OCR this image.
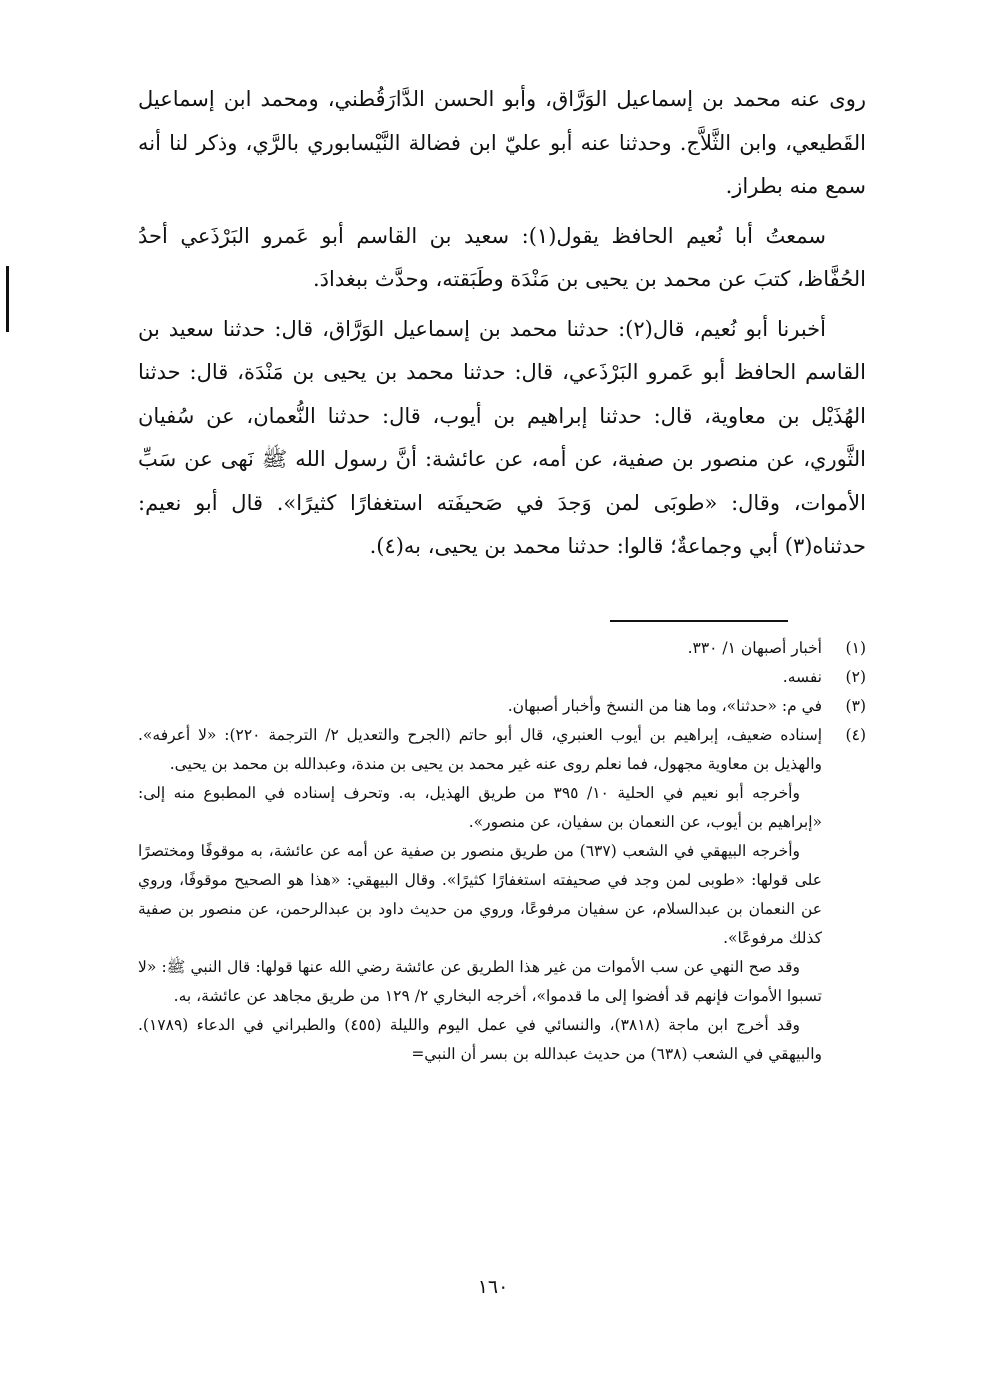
روى عنه محمد بن إسماعيل الوَرَّاق، وأبو الحسن الدَّارَقُطني، ومحمد ابن إسماعيل القَطيعي، وابن الثَّلاَّج. وحدثنا عنه أبو عليّ ابن فضالة النَّيْسابوري بالرَّي، وذكر لنا أنه سمع منه بطراز.

سمعتُ أبا نُعيم الحافظ يقول(١): سعيد بن القاسم أبو عَمرو البَرْذَعي أحدُ الحُفَّاظ، كتبَ عن محمد بن يحيى بن مَنْدَة وطَبَقته، وحدَّث ببغدادَ.

أخبرنا أبو نُعيم، قال(٢): حدثنا محمد بن إسماعيل الوَرَّاق، قال: حدثنا سعيد بن القاسم الحافظ أبو عَمرو البَرْذَعي، قال: حدثنا محمد بن يحيى بن مَنْدَة، قال: حدثنا الهُذَيْل بن معاوية، قال: حدثنا إبراهيم بن أيوب، قال: حدثنا النُّعمان، عن سُفيان الثَّوري، عن منصور بن صفية، عن أمه، عن عائشة: أنَّ رسول الله ﷺ نَهى عن سَبِّ الأموات، وقال: «طوبَى لمن وَجدَ في صَحيفَته استغفارًا كثيرًا». قال أبو نعيم: حدثناه(٣) أبي وجماعةٌ؛ قالوا: حدثنا محمد بن يحيى، به(٤).

(١)

أخبار أصبهان ١/ ٣٣٠.

(٢)

نفسه.

(٣)

في م: «حدثنا»، وما هنا من النسخ وأخبار أصبهان.

(٤)

إسناده ضعيف، إبراهيم بن أيوب العنبري، قال أبو حاتم (الجرح والتعديل ٢/ الترجمة ٢٢٠): «لا أعرفه». والهذيل بن معاوية مجهول، فما نعلم روى عنه غير محمد بن يحيى بن مندة، وعبدالله بن محمد بن يحيى.

وأخرجه أبو نعيم في الحلية ١٠/ ٣٩٥ من طريق الهذيل، به. وتحرف إسناده في المطبوع منه إلى: «إبراهيم بن أيوب، عن النعمان بن سفيان، عن منصور».

وأخرجه البيهقي في الشعب (٦٣٧) من طريق منصور بن صفية عن أمه عن عائشة، به موقوفًا ومختصرًا على قولها: «طوبى لمن وجد في صحيفته استغفارًا كثيرًا». وقال البيهقي: «هذا هو الصحيح موقوفًا، وروي عن النعمان بن عبدالسلام، عن سفيان مرفوعًا، وروي من حديث داود بن عبدالرحمن، عن منصور بن صفية كذلك مرفوعًا».

وقد صح النهي عن سب الأموات من غير هذا الطريق عن عائشة رضي الله عنها قولها: قال النبي ﷺ: «لا تسبوا الأموات فإنهم قد أفضوا إلى ما قدموا»، أخرجه البخاري ٢/ ١٢٩ من طريق مجاهد عن عائشة، به.

وقد أخرج ابن ماجة (٣٨١٨)، والنسائي في عمل اليوم والليلة (٤٥٥) والطبراني في الدعاء (١٧٨٩). والبيهقي في الشعب (٦٣٨) من حديث عبدالله بن بسر أن النبي=

١٦٠
